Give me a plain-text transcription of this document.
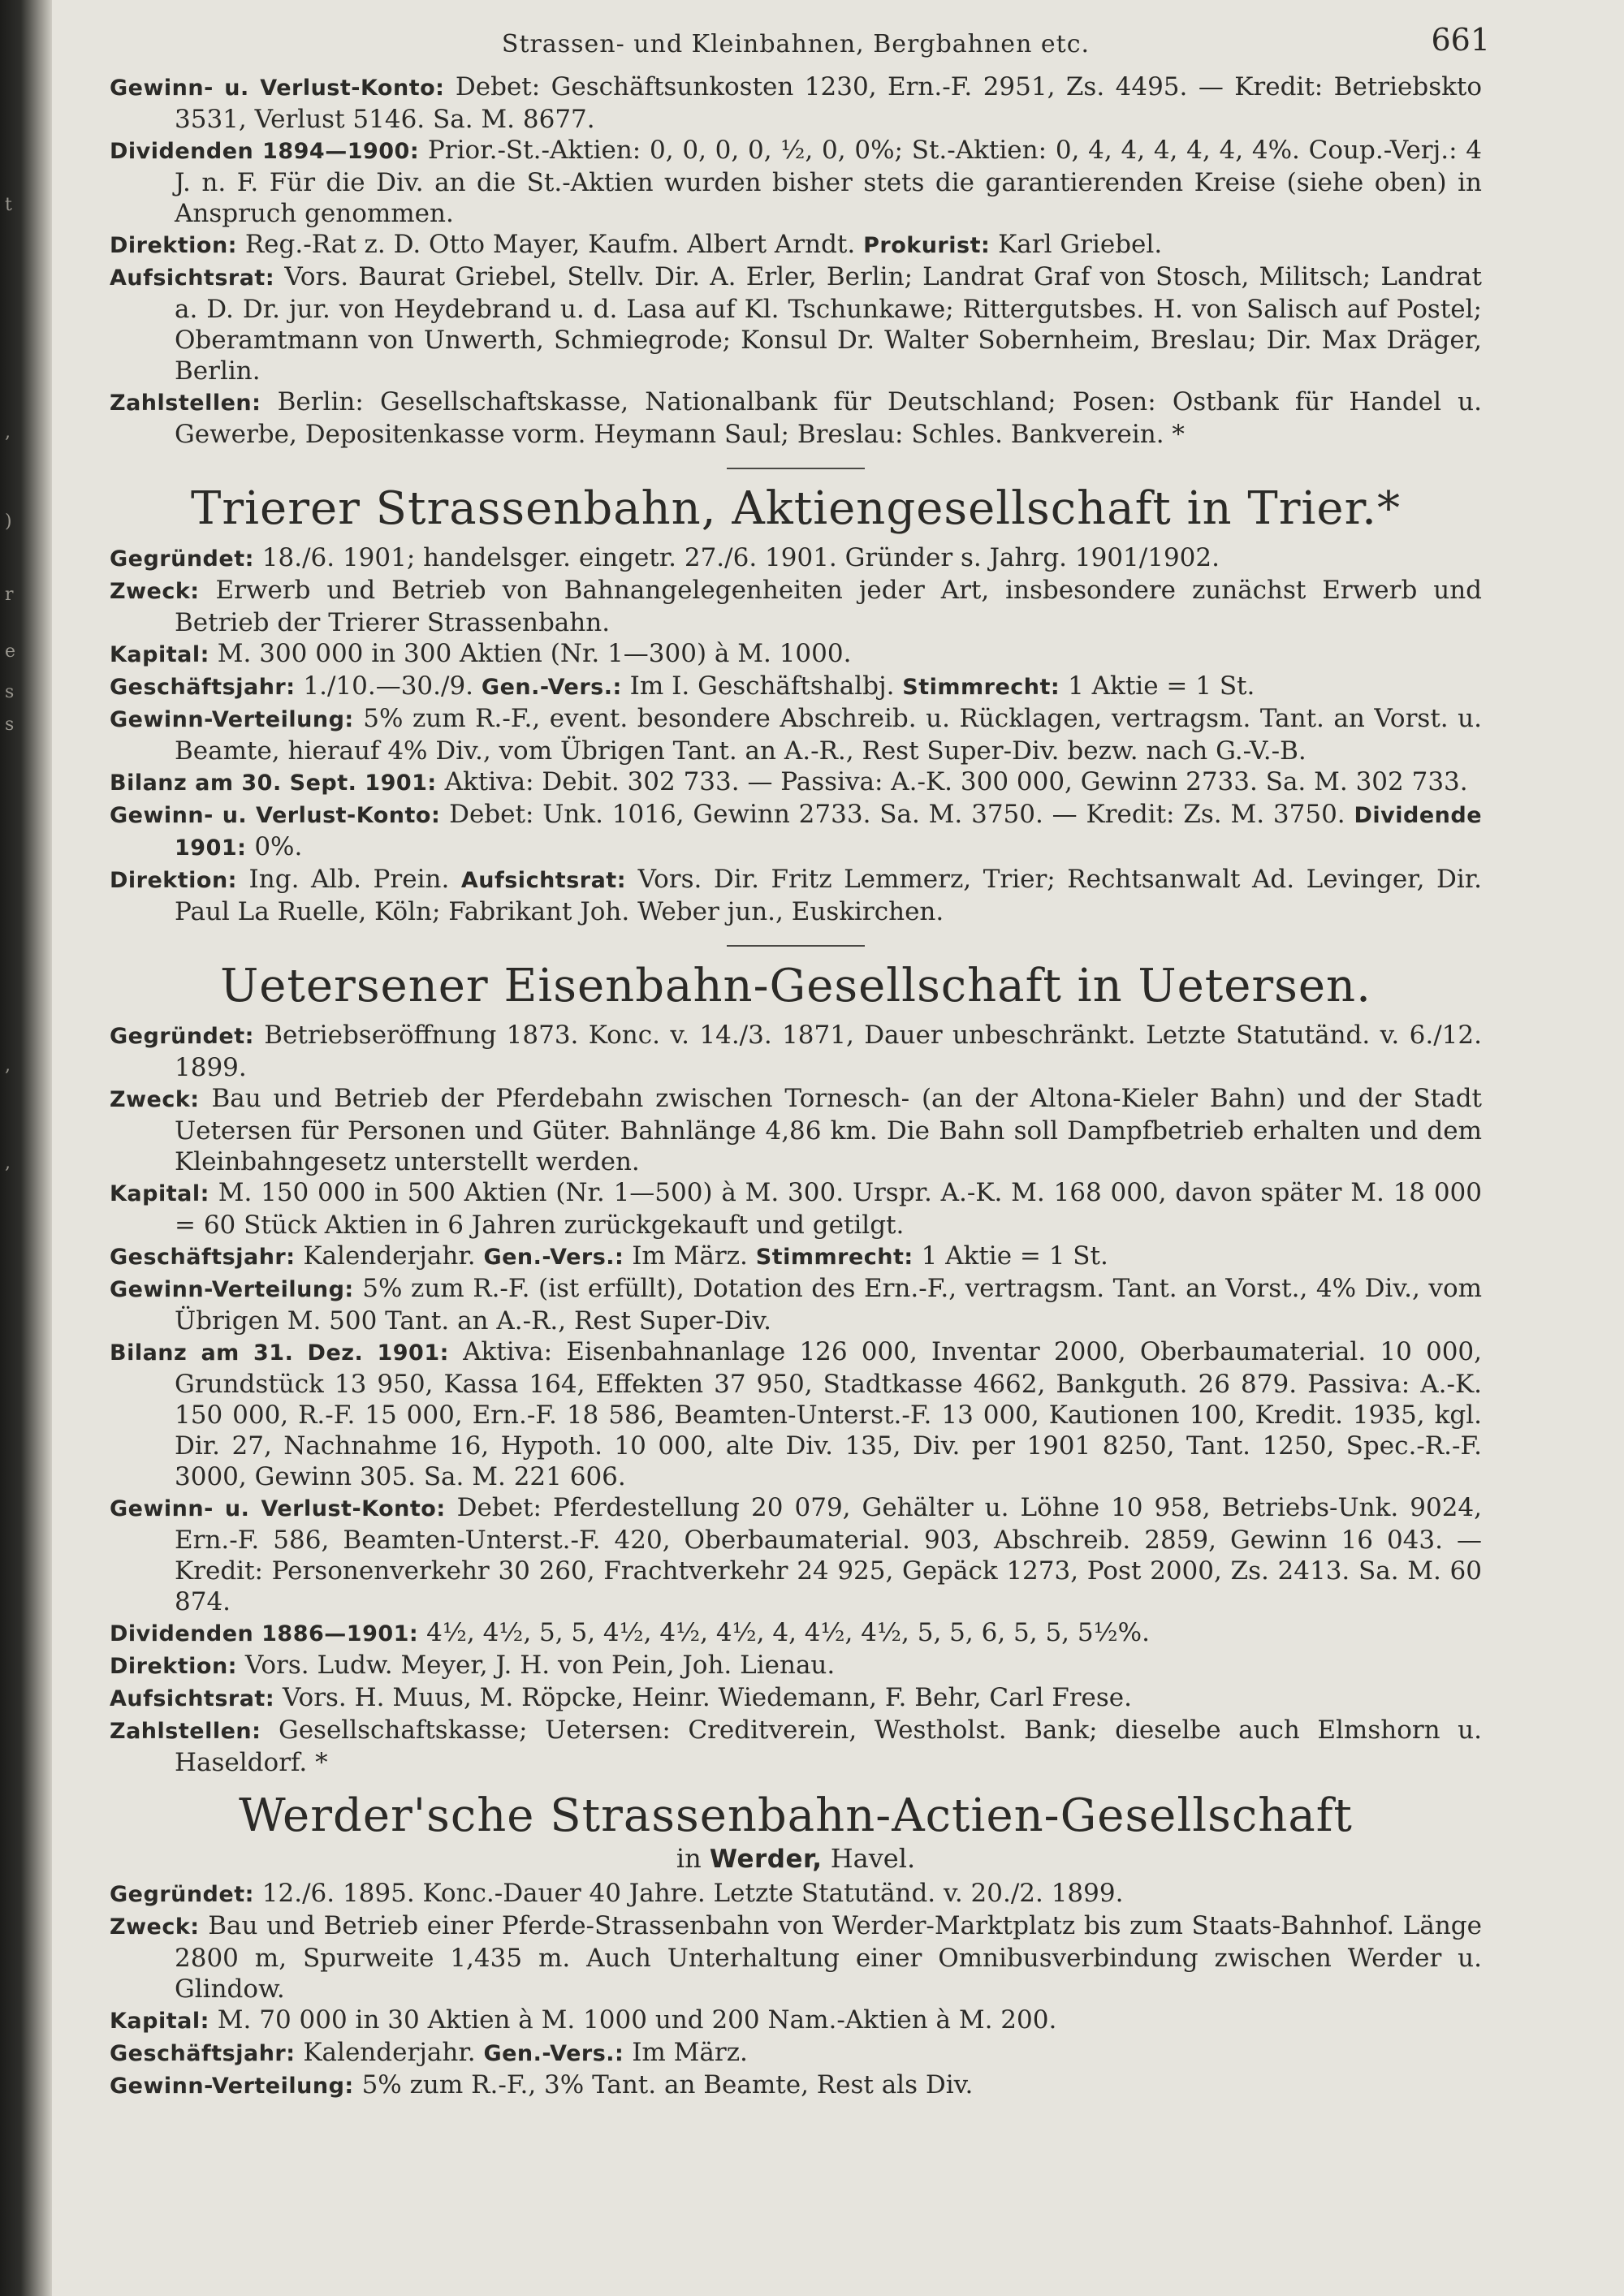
t
,
)
r
e
s
s
,
,
Strassen- und Kleinbahnen, Bergbahnen etc.	661

Gewinn- u. Verlust-Konto: Debet: Geschäftsunkosten 1230, Ern.-F. 2951, Zs. 4495. — Kredit: Betriebskto 3531, Verlust 5146. Sa. M. 8677.

Dividenden 1894—1900: Prior.-St.-Aktien: 0, 0, 0, 0, ½, 0, 0%; St.-Aktien: 0, 4, 4, 4, 4, 4, 4%. Coup.-Verj.: 4 J. n. F. Für die Div. an die St.-Aktien wurden bisher stets die garantierenden Kreise (siehe oben) in Anspruch genommen.

Direktion: Reg.-Rat z. D. Otto Mayer, Kaufm. Albert Arndt. Prokurist: Karl Griebel.

Aufsichtsrat: Vors. Baurat Griebel, Stellv. Dir. A. Erler, Berlin; Landrat Graf von Stosch, Militsch; Landrat a. D. Dr. jur. von Heydebrand u. d. Lasa auf Kl. Tschunkawe; Rittergutsbes. H. von Salisch auf Postel; Oberamtmann von Unwerth, Schmiegrode; Konsul Dr. Walter Sobernheim, Breslau; Dir. Max Dräger, Berlin.

Zahlstellen: Berlin: Gesellschaftskasse, Nationalbank für Deutschland; Posen: Ostbank für Handel u. Gewerbe, Depositenkasse vorm. Heymann Saul; Breslau: Schles. Bankverein. *

Trierer Strassenbahn, Aktiengesellschaft in Trier.*

Gegründet: 18./6. 1901; handelsger. eingetr. 27./6. 1901. Gründer s. Jahrg. 1901/1902.

Zweck: Erwerb und Betrieb von Bahnangelegenheiten jeder Art, insbesondere zunächst Erwerb und Betrieb der Trierer Strassenbahn.

Kapital: M. 300 000 in 300 Aktien (Nr. 1—300) à M. 1000.

Geschäftsjahr: 1./10.—30./9. Gen.-Vers.: Im I. Geschäftshalbj. Stimmrecht: 1 Aktie = 1 St.

Gewinn-Verteilung: 5% zum R.-F., event. besondere Abschreib. u. Rücklagen, vertragsm. Tant. an Vorst. u. Beamte, hierauf 4% Div., vom Übrigen Tant. an A.-R., Rest Super-Div. bezw. nach G.-V.-B.

Bilanz am 30. Sept. 1901: Aktiva: Debit. 302 733. — Passiva: A.-K. 300 000, Gewinn 2733. Sa. M. 302 733.

Gewinn- u. Verlust-Konto: Debet: Unk. 1016, Gewinn 2733. Sa. M. 3750. — Kredit: Zs. M. 3750. Dividende 1901: 0%.

Direktion: Ing. Alb. Prein. Aufsichtsrat: Vors. Dir. Fritz Lemmerz, Trier; Rechtsanwalt Ad. Levinger, Dir. Paul La Ruelle, Köln; Fabrikant Joh. Weber jun., Euskirchen.

Uetersener Eisenbahn-Gesellschaft in Uetersen.

Gegründet: Betriebseröffnung 1873. Konc. v. 14./3. 1871, Dauer unbeschränkt. Letzte Statutänd. v. 6./12. 1899.

Zweck: Bau und Betrieb der Pferdebahn zwischen Tornesch- (an der Altona-Kieler Bahn) und der Stadt Uetersen für Personen und Güter. Bahnlänge 4,86 km. Die Bahn soll Dampfbetrieb erhalten und dem Kleinbahngesetz unterstellt werden.

Kapital: M. 150 000 in 500 Aktien (Nr. 1—500) à M. 300. Urspr. A.-K. M. 168 000, davon später M. 18 000 = 60 Stück Aktien in 6 Jahren zurückgekauft und getilgt.

Geschäftsjahr: Kalenderjahr. Gen.-Vers.: Im März. Stimmrecht: 1 Aktie = 1 St.

Gewinn-Verteilung: 5% zum R.-F. (ist erfüllt), Dotation des Ern.-F., vertragsm. Tant. an Vorst., 4% Div., vom Übrigen M. 500 Tant. an A.-R., Rest Super-Div.

Bilanz am 31. Dez. 1901: Aktiva: Eisenbahnanlage 126 000, Inventar 2000, Oberbaumaterial. 10 000, Grundstück 13 950, Kassa 164, Effekten 37 950, Stadtkasse 4662, Bankguth. 26 879. Passiva: A.-K. 150 000, R.-F. 15 000, Ern.-F. 18 586, Beamten-Unterst.-F. 13 000, Kautionen 100, Kredit. 1935, kgl. Dir. 27, Nachnahme 16, Hypoth. 10 000, alte Div. 135, Div. per 1901 8250, Tant. 1250, Spec.-R.-F. 3000, Gewinn 305. Sa. M. 221 606.

Gewinn- u. Verlust-Konto: Debet: Pferdestellung 20 079, Gehälter u. Löhne 10 958, Betriebs-Unk. 9024, Ern.-F. 586, Beamten-Unterst.-F. 420, Oberbaumaterial. 903, Abschreib. 2859, Gewinn 16 043. — Kredit: Personenverkehr 30 260, Frachtverkehr 24 925, Gepäck 1273, Post 2000, Zs. 2413. Sa. M. 60 874.

Dividenden 1886—1901: 4½, 4½, 5, 5, 4½, 4½, 4½, 4, 4½, 4½, 5, 5, 6, 5, 5, 5½%.

Direktion: Vors. Ludw. Meyer, J. H. von Pein, Joh. Lienau.

Aufsichtsrat: Vors. H. Muus, M. Röpcke, Heinr. Wiedemann, F. Behr, Carl Frese.

Zahlstellen: Gesellschaftskasse; Uetersen: Creditverein, Westholst. Bank; dieselbe auch Elmshorn u. Haseldorf. *

Werder'sche Strassenbahn-Actien-Gesellschaft

in Werder, Havel.

Gegründet: 12./6. 1895. Konc.-Dauer 40 Jahre. Letzte Statutänd. v. 20./2. 1899.

Zweck: Bau und Betrieb einer Pferde-Strassenbahn von Werder-Marktplatz bis zum Staats-Bahnhof. Länge 2800 m, Spurweite 1,435 m. Auch Unterhaltung einer Omnibusverbindung zwischen Werder u. Glindow.

Kapital: M. 70 000 in 30 Aktien à M. 1000 und 200 Nam.-Aktien à M. 200.

Geschäftsjahr: Kalenderjahr. Gen.-Vers.: Im März.

Gewinn-Verteilung: 5% zum R.-F., 3% Tant. an Beamte, Rest als Div.
